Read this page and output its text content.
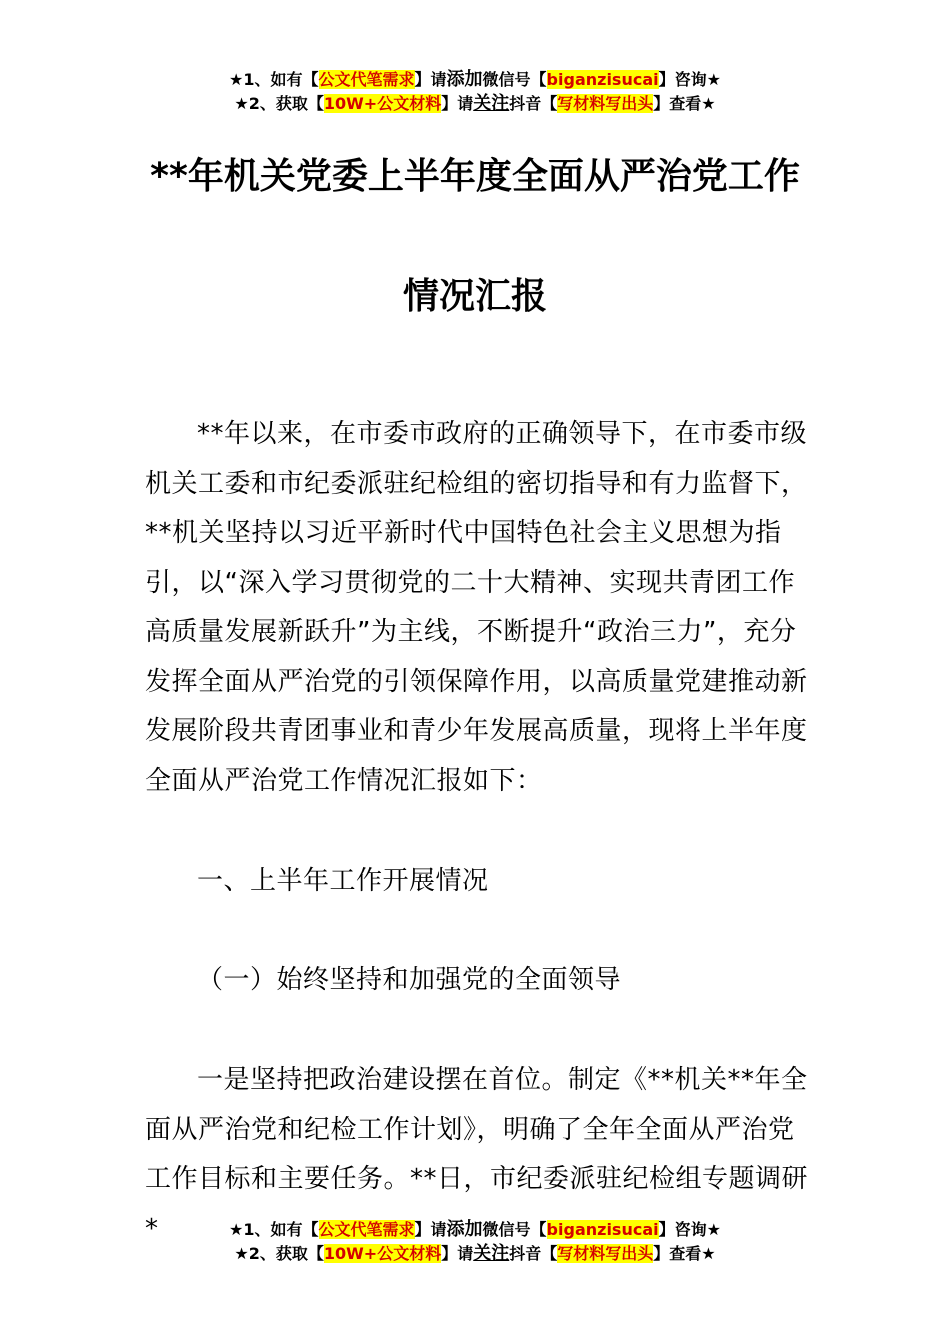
★1、如有【公文代笔需求】请添加微信号【biganzisucai】咨询★
★2、获取【10W+公文材料】请关注抖音【写材料写出头】查看★
**年机关党委上半年度全面从严治党工作
情况汇报
**年以来，在市委市政府的正确领导下，在市委市级机关工委和市纪委派驻纪检组的密切指导和有力监督下，**机关坚持以习近平新时代中国特色社会主义思想为指引，以“深入学习贯彻党的二十大精神、实现共青团工作高质量发展新跃升”为主线，不断提升“政治三力”，充分发挥全面从严治党的引领保障作用，以高质量党建推动新发展阶段共青团事业和青少年发展高质量，现将上半年度全面从严治党工作情况汇报如下：
一、上半年工作开展情况
（一）始终坚持和加强党的全面领导
一是坚持把政治建设摆在首位。制定《**机关**年全面从严治党和纪检工作计划》，明确了全年全面从严治党工作目标和主要任务。**日，市纪委派驻纪检组专题调研*	★1、如有【公文代笔需求】请添加微信号【biganzisucai】咨询★
★2、获取【10W+公文材料】请关注抖音【写材料写出头】查看★
